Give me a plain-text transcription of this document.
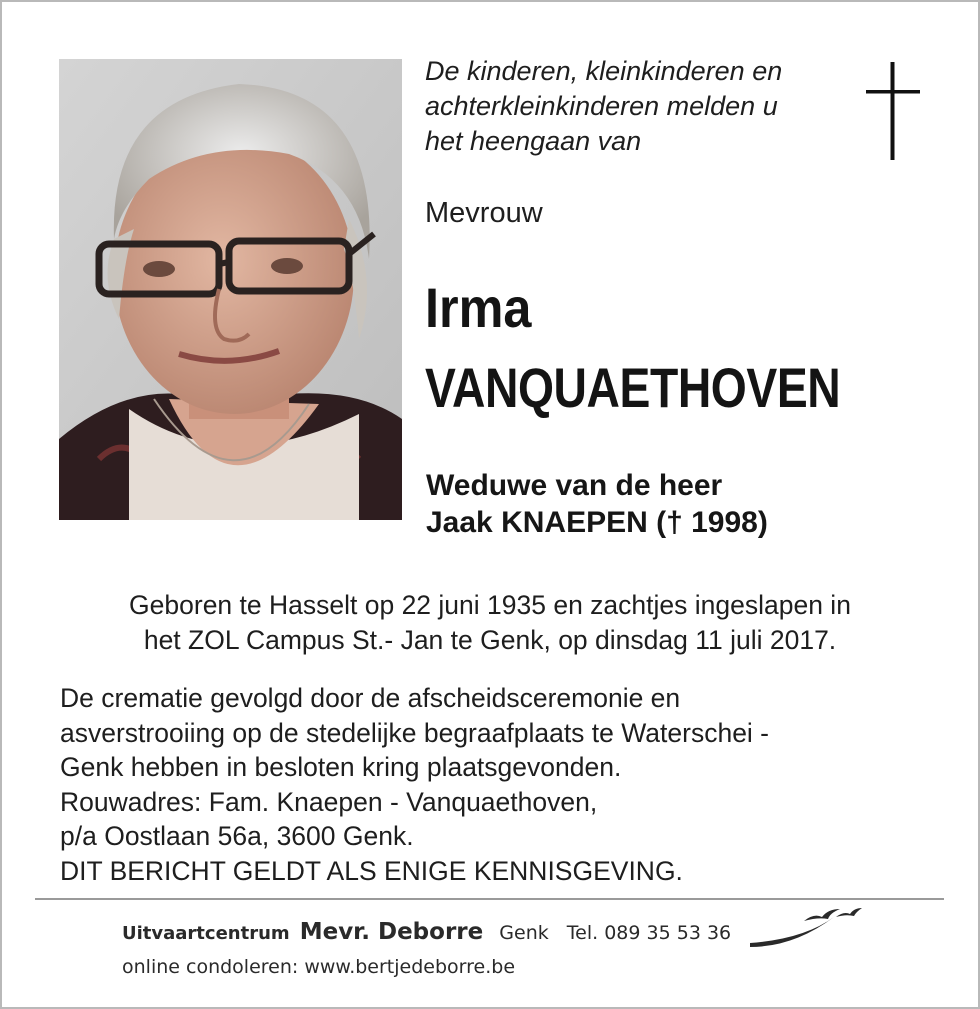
De kinderen, kleinkinderen en
achterkleinkinderen melden u
het heengaan van
Mevrouw
Irma
VANQUAETHOVEN
Weduwe van de heer
Jaak KNAEPEN († 1998)
Geboren te Hasselt op 22 juni 1935 en zachtjes ingeslapen in
het ZOL Campus St.- Jan te Genk, op dinsdag 11 juli 2017.
De crematie gevolgd door de afscheidsceremonie en
asverstrooiing op de stedelijke begraafplaats te Waterschei -
Genk hebben in besloten kring plaatsgevonden.
Rouwadres: Fam. Knaepen - Vanquaethoven,
p/a Oostlaan 56a, 3600 Genk.
DIT BERICHT GELDT ALS ENIGE KENNISGEVING.
Uitvaartcentrum Mevr. Deborre Genk Tel. 089 35 53 36
online condoleren: www.bertjedeborre.be
